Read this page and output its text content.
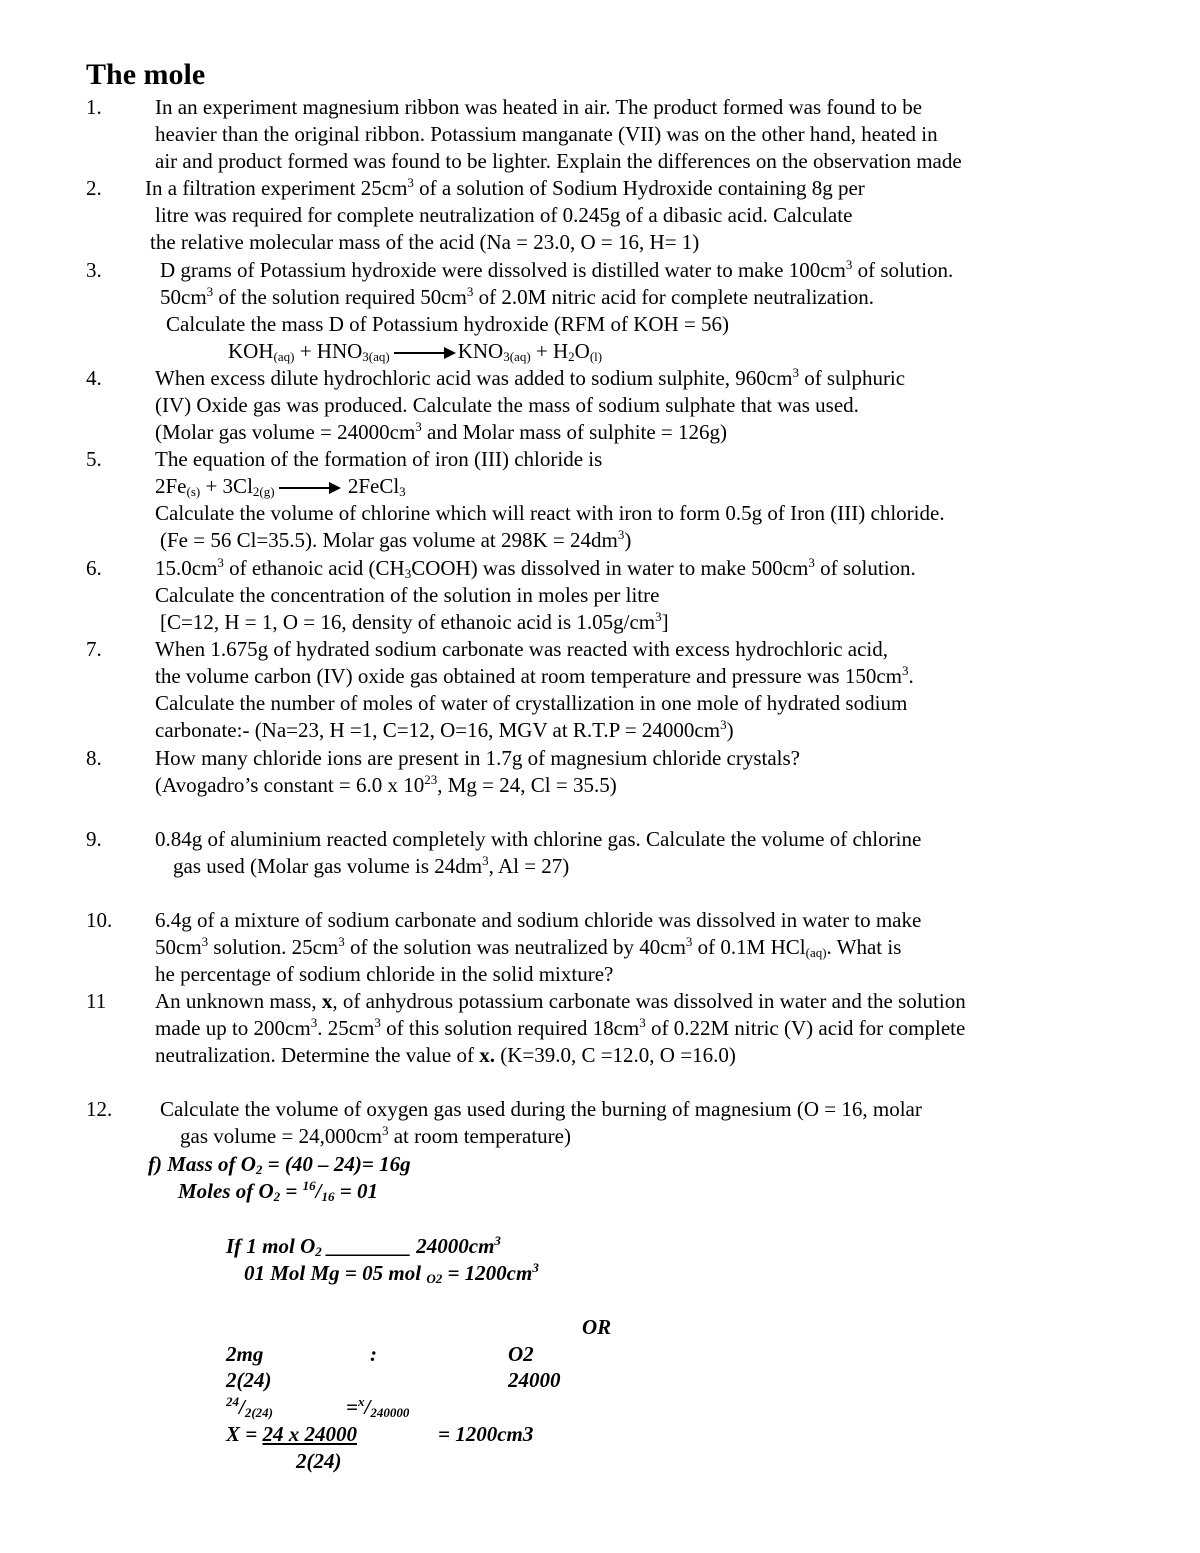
The mole
1.	In an experiment magnesium ribbon was heated in air. The product formed was found to be
heavier than the original ribbon. Potassium manganate (VII) was on the other hand, heated in
air and product formed was found to be lighter. Explain the differences on the observation made
2. In a filtration experiment $25cm^3$ of a solution of Sodium Hydroxide containing 8g per
litre was required for complete neutralization of 0.245g of a dibasic acid. Calculate
the relative molecular mass of the acid (Na = 23.0, O = 16, H= 1)
3.	D grams of Potassium hydroxide were dissolved is distilled water to make $100cm^3$ of solution.
$50cm^3$ of the solution required $50cm^3$ of 2.0M nitric acid for complete neutralization.
Calculate the mass D of Potassium hydroxide (RFM of KOH = 56)
$KOH_{(aq)} + HNO_{3(aq)}$	$KNO_{3(aq)} + H_2O_{(l)}$
4.	When excess dilute hydrochloric acid was added to sodium sulphite, $960cm^3$ of sulphuric
(IV) Oxide gas was produced. Calculate the mass of sodium sulphate that was used.
(Molar gas volume = $24000cm^3$ and Molar mass of sulphite = 126g)
5.	The equation of the formation of iron (III) chloride is
$2Fe_{(s)} + 3Cl_{2(g)}$	2FeCl$_3$
Calculate the volume of chlorine which will react with iron to form 0.5g of Iron (III) chloride.
(Fe = 56 Cl=35.5). Molar gas volume at $298K = 24dm^3$)
6.	$15.0cm^3$ of ethanoic acid $(CH_3COOH)$ was dissolved in water to make $500cm^3$ of solution.
Calculate the concentration of the solution in moles per litre
[C=12, H = 1, O = 16, density of ethanoic acid is $1.05g/cm^3$]
7.	When 1.675g of hydrated sodium carbonate was reacted with excess hydrochloric acid,
the volume carbon (IV) oxide gas obtained at room temperature and pressure was $150cm^3$.
Calculate the number of moles of water of crystallization in one mole of hydrated sodium
carbonate:- (Na=23, H =1, C=12, O=16, MGV at $R.T.P = 24000cm^3$)
8.	How many chloride ions are present in 1.7g of magnesium chloride crystals?
(Avogadro’s constant = 6.0 x $10^{23}$, Mg = 24, Cl = 35.5)
9.	0.84g of aluminium reacted completely with chlorine gas. Calculate the volume of chlorine
gas used (Molar gas volume is $24dm^3$, Al = 27)
10. 6.4g of a mixture of sodium carbonate and sodium chloride was dissolved in water to make
$50cm^3$ solution. $25cm^3$ of the solution was neutralized by $40cm^3$ of 0.1M HCl$_{(aq)}$. What is
he percentage of sodium chloride in the solid mixture?
11 An unknown mass, x, of anhydrous potassium carbonate was dissolved in water and the solution
made up to $200cm^3$. $25cm^3$ of this solution required $18cm^3$ of 0.22M nitric (V) acid for complete
neutralization. Determine the value of x. (K=39.0, C =12.0, O =16.0)
12. Calculate the volume of oxygen gas used during the burning of magnesium (O = 16, molar
gas volume = $24,000cm^3$ at room temperature)
f) Mass of $O_2 = (40 - 24)= 16g$
Moles of $O_2 = ^{16}/_{16} = 01$
If 1 mol $O_2$ ________ $24000cm^3$
01 Mol Mg = 05 mol $_{O2} = 1200cm^3$
OR
2mg	:	O2
2(24)	24000
$^{24}/_{2(24)}$	$=^x/_{240000}$
X = 24 x 24000	= 1200cm3
2(24)
